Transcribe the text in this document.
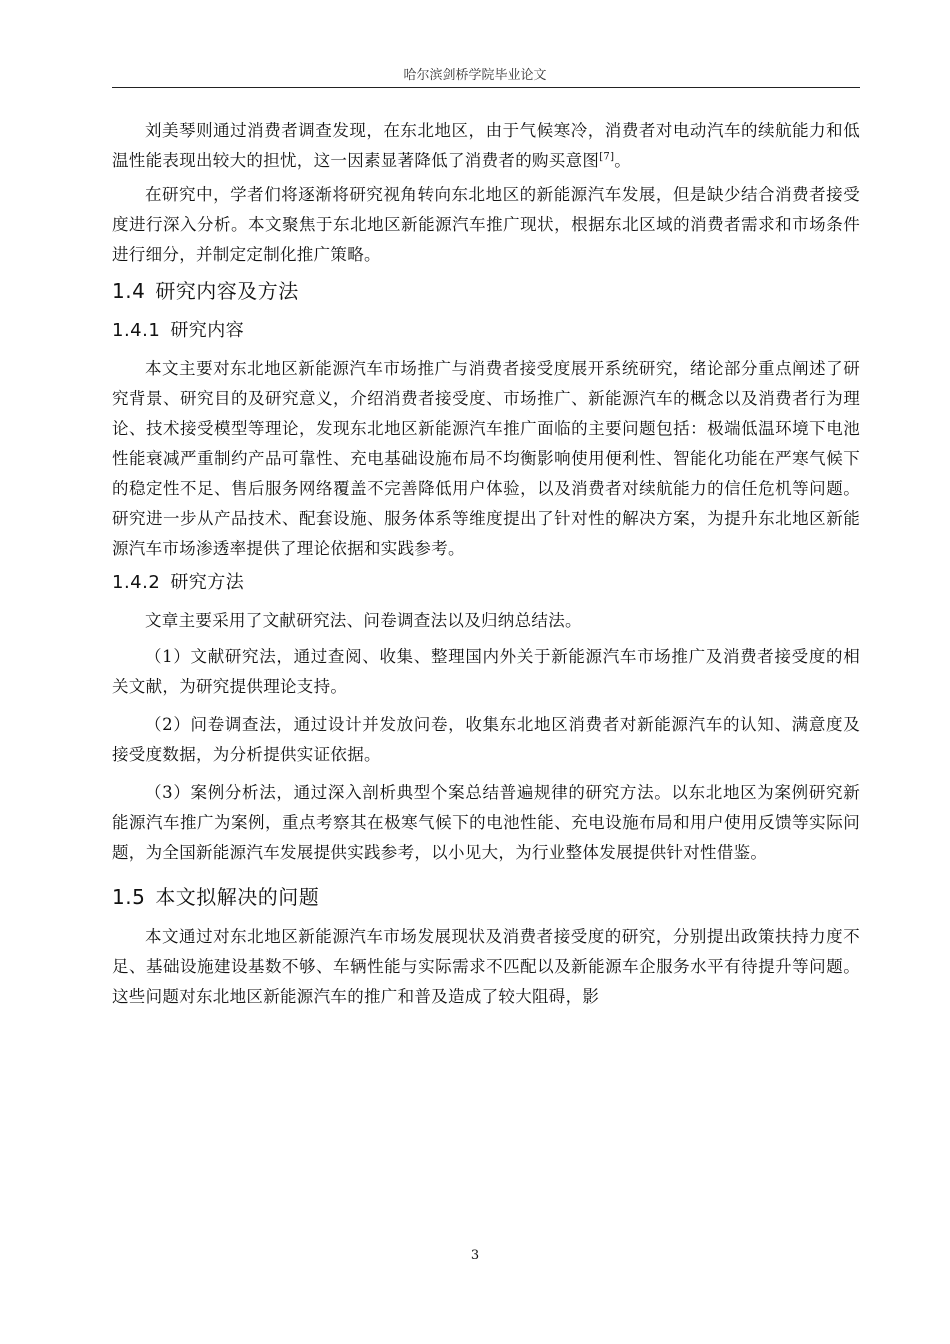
哈尔滨剑桥学院毕业论文

刘美琴则通过消费者调查发现，在东北地区，由于气候寒冷，消费者对电动汽车的续航能力和低温性能表现出较大的担忧，这一因素显著降低了消费者的购买意图[7]。

在研究中，学者们将逐渐将研究视角转向东北地区的新能源汽车发展，但是缺少结合消费者接受度进行深入分析。本文聚焦于东北地区新能源汽车推广现状，根据东北区域的消费者需求和市场条件进行细分，并制定定制化推广策略。

1.4 研究内容及方法
1.4.1 研究内容

本文主要对东北地区新能源汽车市场推广与消费者接受度展开系统研究，绪论部分重点阐述了研究背景、研究目的及研究意义，介绍消费者接受度、市场推广、新能源汽车的概念以及消费者行为理论、技术接受模型等理论，发现东北地区新能源汽车推广面临的主要问题包括：极端低温环境下电池性能衰减严重制约产品可靠性、充电基础设施布局不均衡影响使用便利性、智能化功能在严寒气候下的稳定性不足、售后服务网络覆盖不完善降低用户体验，以及消费者对续航能力的信任危机等问题。研究进一步从产品技术、配套设施、服务体系等维度提出了针对性的解决方案，为提升东北地区新能源汽车市场渗透率提供了理论依据和实践参考。

1.4.2 研究方法

文章主要采用了文献研究法、问卷调查法以及归纳总结法。

（1）文献研究法，通过查阅、收集、整理国内外关于新能源汽车市场推广及消费者接受度的相关文献，为研究提供理论支持。

（2）问卷调查法，通过设计并发放问卷，收集东北地区消费者对新能源汽车的认知、满意度及接受度数据，为分析提供实证依据。

（3）案例分析法，通过深入剖析典型个案总结普遍规律的研究方法。以东北地区为案例研究新能源汽车推广为案例，重点考察其在极寒气候下的电池性能、充电设施布局和用户使用反馈等实际问题，为全国新能源汽车发展提供实践参考，以小见大，为行业整体发展提供针对性借鉴。

1.5 本文拟解决的问题

本文通过对东北地区新能源汽车市场发展现状及消费者接受度的研究，分别提出政策扶持力度不足、基础设施建设基数不够、车辆性能与实际需求不匹配以及新能源车企服务水平有待提升等问题。这些问题对东北地区新能源汽车的推广和普及造成了较大阻碍，影

3
